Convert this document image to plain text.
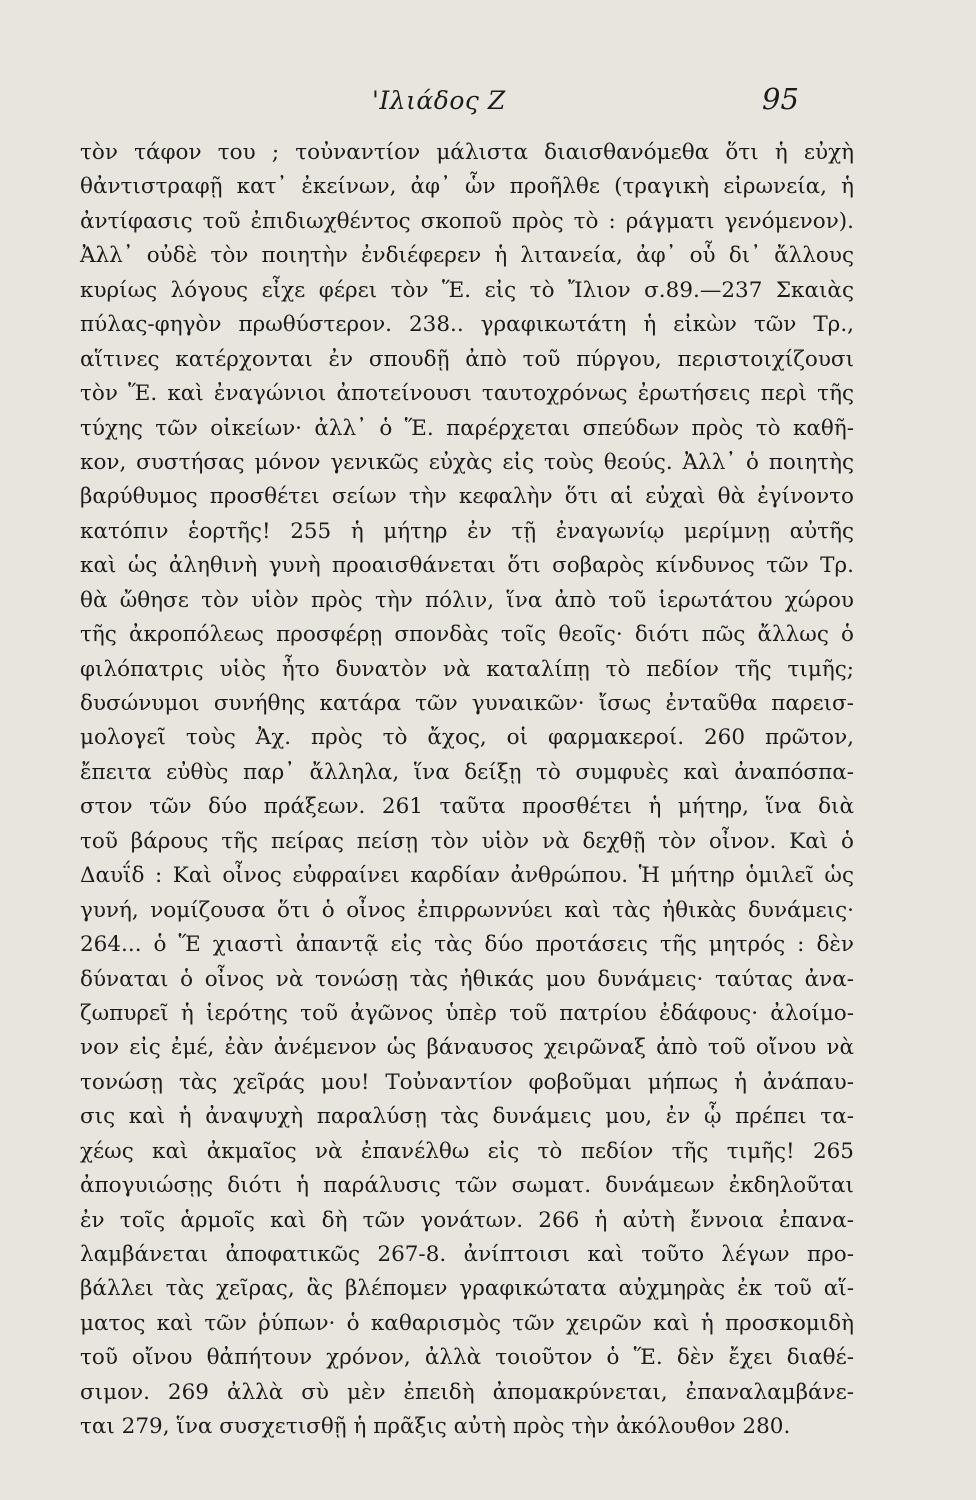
'Ιλιάδος Ζ	95
τὸν τάφον του ; τοὐναντίον μάλιστα διαισθανόμεθα ὅτι ἡ εὐχὴ
θἀντιστραφῇ κατ᾽ ἐκείνων, ἀφ᾽ ὧν προῆλθε (τραγικὴ εἰρωνεία, ἡ
ἀντίφασις τοῦ ἐπιδιωχθέντος σκοποῦ πρὸς τὸ : ράγματι γενόμενον).
Ἀλλ᾽ οὐδὲ τὸν ποιητὴν ἐνδιέφερεν ἡ λιτανεία, ἀφ᾽ οὗ δι᾽ ἄλλους
κυρίως λόγους εἶχε φέρει τὸν Ἕ. εἰς τὸ Ἴλιον σ.89.—237 Σκαιὰς
πύλας-φηγὸν πρωθύστερον. 238.. γραφικωτάτη ἡ εἰκὼν τῶν Τρ.,
αἵτινες κατέρχονται ἐν σπουδῇ ἀπὸ τοῦ πύργου, περιστοιχίζουσι
τὸν Ἕ. καὶ ἐναγώνιοι ἀποτείνουσι ταυτοχρόνως ἐρωτήσεις περὶ τῆς
τύχης τῶν οἰκείων· ἀλλ᾽ ὁ Ἕ. παρέρχεται σπεύδων πρὸς τὸ καθῆ-
κον, συστήσας μόνον γενικῶς εὐχὰς εἰς τοὺς θεούς. Ἀλλ᾽ ὁ ποιητὴς
βαρύθυμος προσθέτει σείων τὴν κεφαλὴν ὅτι αἱ εὐχαὶ θὰ ἐγίνοντο
κατόπιν ἑορτῆς! 255 ἡ μήτηρ ἐν τῇ ἐναγωνίῳ μερίμνῃ αὐτῆς
καὶ ὡς ἀληθινὴ γυνὴ προαισθάνεται ὅτι σοβαρὸς κίνδυνος τῶν Τρ.
θὰ ὤθησε τὸν υἱὸν πρὸς τὴν πόλιν, ἵνα ἀπὸ τοῦ ἱερωτάτου χώρου
τῆς ἀκροπόλεως προσφέρῃ σπονδὰς τοῖς θεοῖς· διότι πῶς ἄλλως ὁ
φιλόπατρις υἱὸς ἦτο δυνατὸν νὰ καταλίπῃ τὸ πεδίον τῆς τιμῆς;
δυσώνυμοι συνήθης κατάρα τῶν γυναικῶν· ἴσως ἐνταῦθα παρεισ-
μολογεῖ τοὺς Ἀχ. πρὸς τὸ ἄχος, οἱ φαρμακεροί. 260 πρῶτον,
ἔπειτα εὐθὺς παρ᾽ ἄλληλα, ἵνα δείξῃ τὸ συμφυὲς καὶ ἀναπόσπα-
στον τῶν δύο πράξεων. 261 ταῦτα προσθέτει ἡ μήτηρ, ἵνα διὰ
τοῦ βάρους τῆς πείρας πείσῃ τὸν υἱὸν νὰ δεχθῇ τὸν οἶνον. Καὶ ὁ
Δαυΐδ : Καὶ οἶνος εὐφραίνει καρδίαν ἀνθρώπου. Ἡ μήτηρ ὁμιλεῖ ὡς
γυνή, νομίζουσα ὅτι ὁ οἶνος ἐπιρρωννύει καὶ τὰς ἠθικὰς δυνάμεις·
264... ὁ Ἕ χιαστὶ ἀπαντᾷ εἰς τὰς δύο προτάσεις τῆς μητρός : δὲν
δύναται ὁ οἶνος νὰ τονώσῃ τὰς ἠθικάς μου δυνάμεις· ταύτας ἀνα-
ζωπυρεῖ ἡ ἱερότης τοῦ ἀγῶνος ὑπὲρ τοῦ πατρίου ἐδάφους· ἀλοίμο-
νον εἰς ἐμέ, ἐὰν ἀνέμενον ὡς βάναυσος χειρῶναξ ἀπὸ τοῦ οἴνου νὰ
τονώσῃ τὰς χεῖράς μου! Τοὐναντίον φοβοῦμαι μήπως ἡ ἀνάπαυ-
σις καὶ ἡ ἀναψυχὴ παραλύσῃ τὰς δυνάμεις μου, ἐν ᾧ πρέπει τα-
χέως καὶ ἀκμαῖος νὰ ἐπανέλθω εἰς τὸ πεδίον τῆς τιμῆς! 265
ἀπογυιώσῃς διότι ἡ παράλυσις τῶν σωματ. δυνάμεων ἐκδηλοῦται
ἐν τοῖς ἁρμοῖς καὶ δὴ τῶν γονάτων. 266 ἡ αὐτὴ ἔννοια ἐπανα-
λαμβάνεται ἀποφατικῶς 267-8. ἀνίπτοισι καὶ τοῦτο λέγων προ-
βάλλει τὰς χεῖρας, ἃς βλέπομεν γραφικώτατα αὐχμηρὰς ἐκ τοῦ αἵ-
ματος καὶ τῶν ῥύπων· ὁ καθαρισμὸς τῶν χειρῶν καὶ ἡ προσκομιδὴ
τοῦ οἴνου θἀπήτουν χρόνον, ἀλλὰ τοιοῦτον ὁ Ἕ. δὲν ἔχει διαθέ-
σιμον. 269 ἀλλὰ σὺ μὲν ἐπειδὴ ἀπομακρύνεται, ἐπαναλαμβάνε-
ται 279, ἵνα συσχετισθῇ ἡ πρᾶξις αὐτὴ πρὸς τὴν ἀκόλουθον 280.
